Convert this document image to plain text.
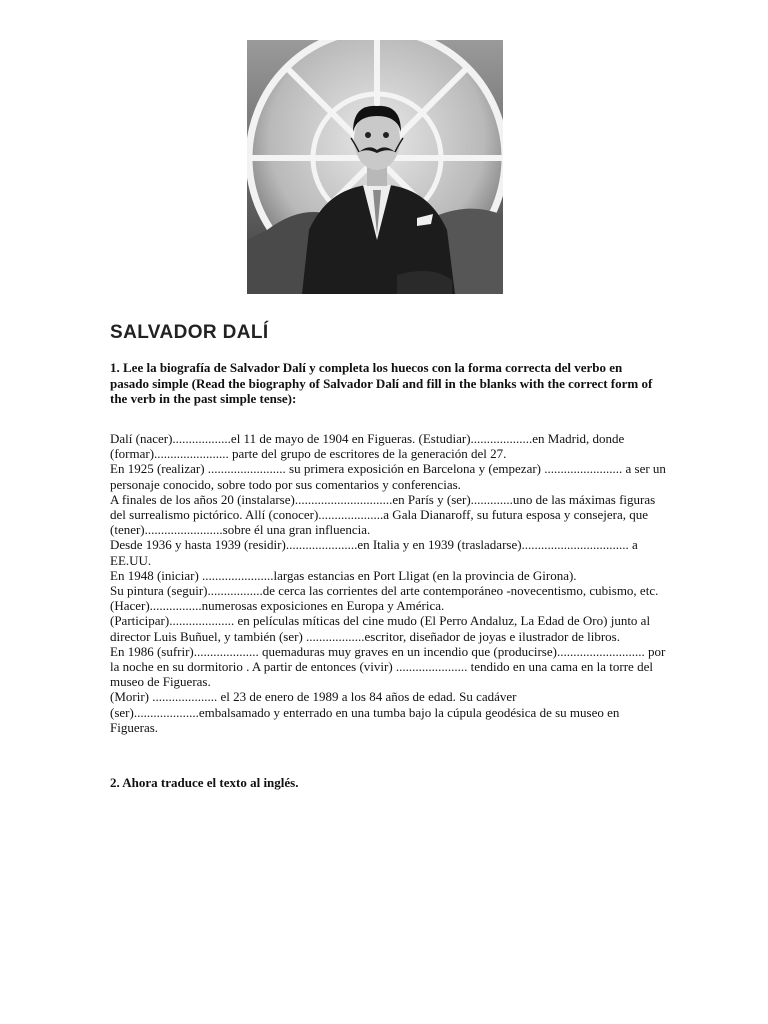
SALVADOR DALÍ

1. Lee la biografía de Salvador Dalí y completa los huecos con la forma correcta del verbo en pasado simple (Read the biography of Salvador Dalí and fill in the blanks with the correct form of the verb in the past simple tense):

Dalí (nacer)..................el 11 de mayo de 1904 en Figueras. (Estudiar)...................en Madrid, donde (formar)....................... parte del grupo de escritores de la generación del 27.

En 1925 (realizar) ........................ su primera exposición en Barcelona y (empezar) ........................ a ser un personaje conocido, sobre todo por sus comentarios y conferencias.

A finales de los años 20 (instalarse)..............................en París y (ser).............uno de las máximas figuras del surrealismo pictórico. Allí (conocer)....................a Gala Dianaroff, su futura esposa y consejera, que (tener)........................sobre él una gran influencia.

Desde 1936 y hasta 1939 (residir)......................en Italia y en 1939 (trasladarse)................................. a EE.UU.

En 1948 (iniciar) ......................largas estancias en Port Lligat (en la provincia de Girona).

Su pintura (seguir).................de cerca las corrientes del arte contemporáneo -novecentismo, cubismo, etc. (Hacer)................numerosas exposiciones en Europa y América.

(Participar).................... en películas míticas del cine mudo (El Perro Andaluz, La Edad de Oro) junto al director Luis Buñuel, y también (ser) ..................escritor, diseñador de joyas e ilustrador de libros.

En 1986 (sufrir).................... quemaduras muy graves en un incendio que (producirse)........................... por la noche en su dormitorio . A partir de entonces (vivir) ...................... tendido en una cama en la torre del museo de Figueras.

(Morir) .................... el 23 de enero de 1989 a los 84 años de edad. Su cadáver
(ser)....................embalsamado y enterrado en una tumba bajo la cúpula geodésica de su museo en Figueras.

2. Ahora traduce el texto al inglés.
